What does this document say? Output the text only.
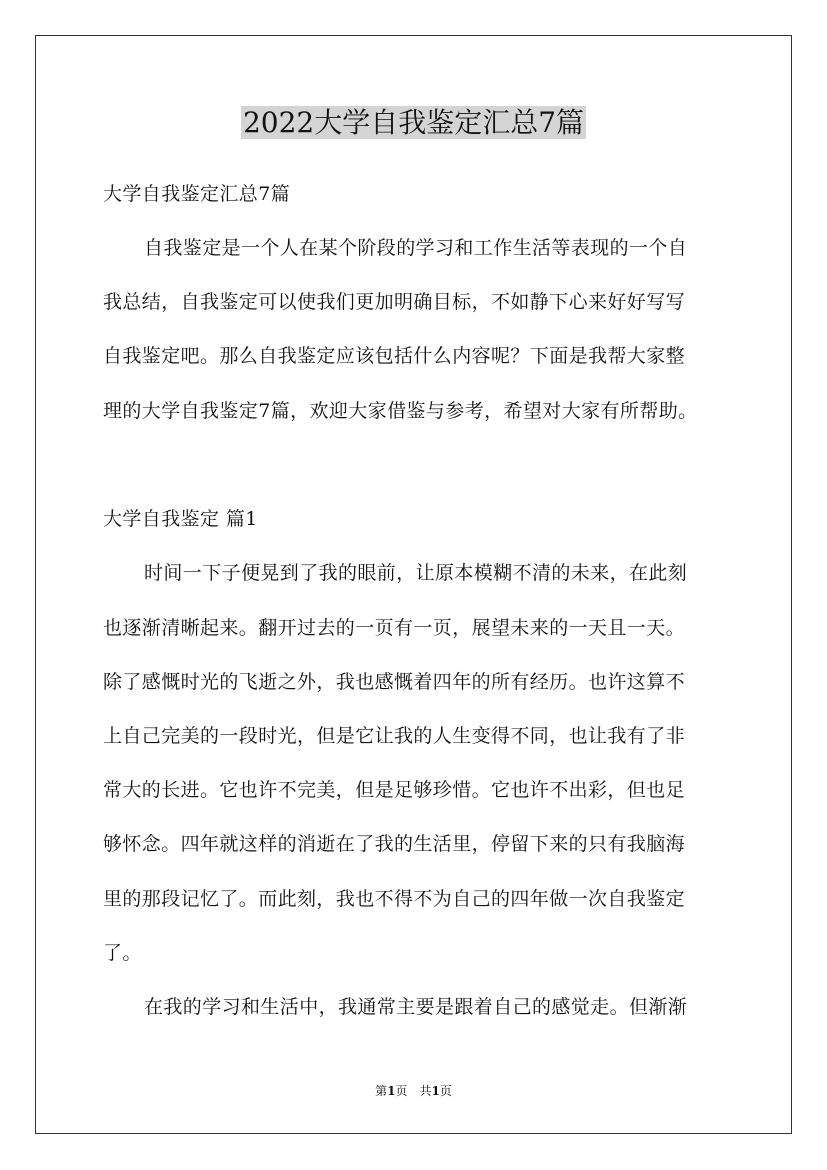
2022大学自我鉴定汇总7篇

大学自我鉴定汇总7篇

自我鉴定是一个人在某个阶段的学习和工作生活等表现的一个自

我总结，自我鉴定可以使我们更加明确目标，不如静下心来好好写写

自我鉴定吧。那么自我鉴定应该包括什么内容呢？下面是我帮大家整

理的大学自我鉴定7篇，欢迎大家借鉴与参考，希望对大家有所帮助。

大学自我鉴定 篇1

时间一下子便晃到了我的眼前，让原本模糊不清的未来，在此刻

也逐渐清晰起来。翻开过去的一页有一页，展望未来的一天且一天。

除了感慨时光的飞逝之外，我也感慨着四年的所有经历。也许这算不

上自己完美的一段时光，但是它让我的人生变得不同，也让我有了非

常大的长进。它也许不完美，但是足够珍惜。它也许不出彩，但也足

够怀念。四年就这样的消逝在了我的生活里，停留下来的只有我脑海

里的那段记忆了。而此刻，我也不得不为自己的四年做一次自我鉴定

了。

在我的学习和生活中，我通常主要是跟着自己的感觉走。但渐渐

第1页　共1页
